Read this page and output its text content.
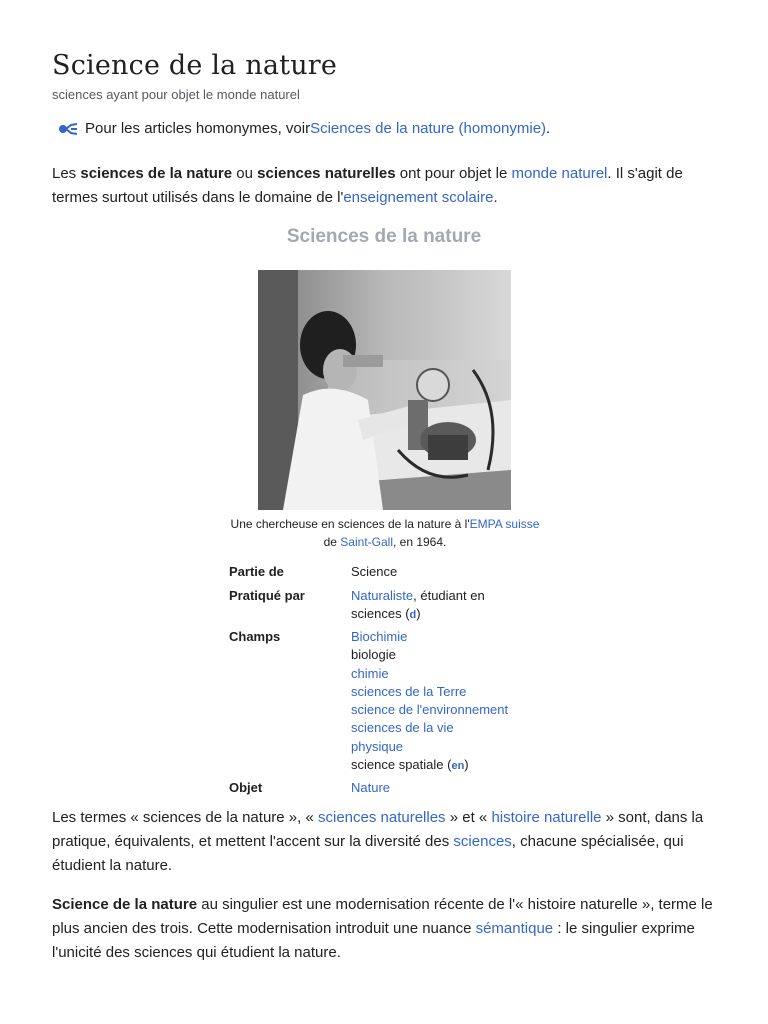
Science de la nature
sciences ayant pour objet le monde naturel
Pour les articles homonymes, voir Sciences de la nature (homonymie) .

Les sciences de la nature ou sciences naturelles ont pour objet le monde naturel. Il s'agit de termes surtout utilisés dans le domaine de l'enseignement scolaire.

Sciences de la nature
Une chercheuse en sciences de la nature à l'EMPA suisse de Saint-Gall, en 1964.
Partie de	Science
Pratiqué par	Naturaliste, étudiant en
sciences (d)
Champs	Biochimie
biologie
chimie
sciences de la Terre
science de l'environnement
sciences de la vie
physique
science spatiale (en)
Objet	Nature

Les termes « sciences de la nature », « sciences naturelles » et « histoire naturelle » sont, dans la pratique, équivalents, et mettent l'accent sur la diversité des sciences, chacune spécialisée, qui étudient la nature.

Science de la nature au singulier est une modernisation récente de l'« histoire naturelle », terme le plus ancien des trois. Cette modernisation introduit une nuance sémantique : le singulier exprime l'unicité des sciences qui étudient la nature.
